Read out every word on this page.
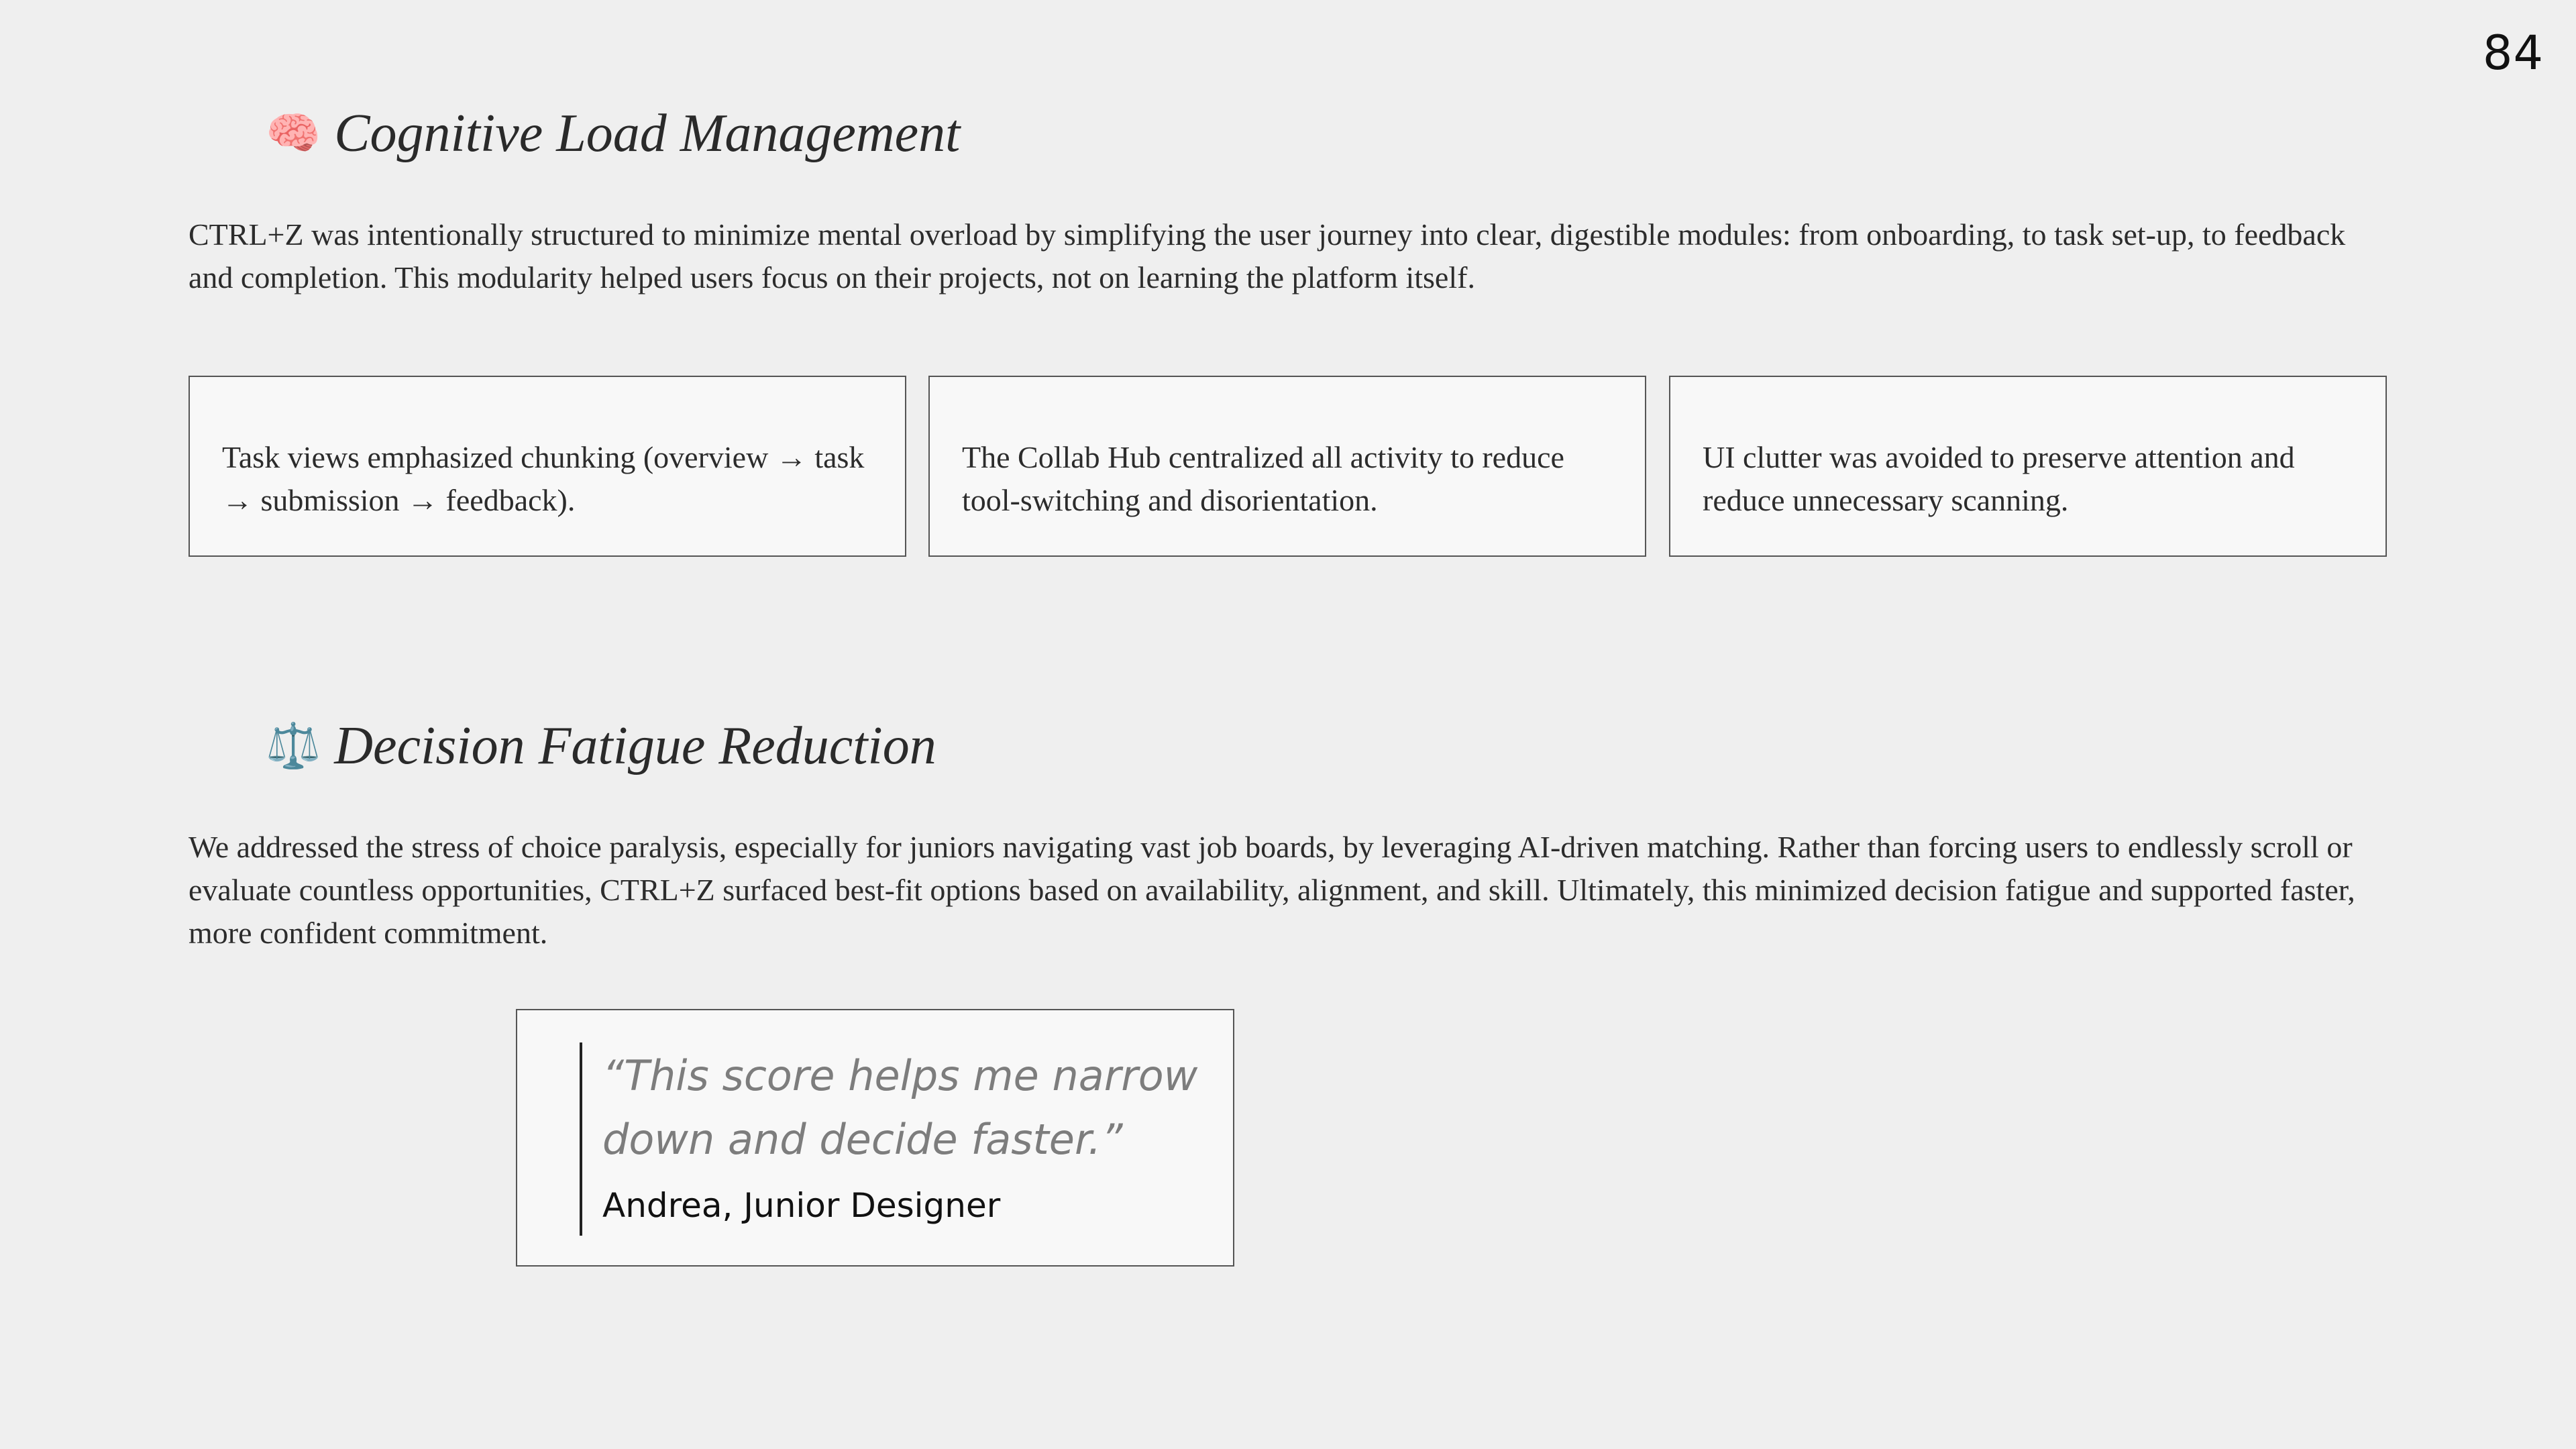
84
🧠 Cognitive Load Management
CTRL+Z was intentionally structured to minimize mental overload by simplifying the user journey into clear, digestible modules: from onboarding, to task set-up, to feedback and completion. This modularity helped users focus on their projects, not on learning the platform itself.
Task views emphasized chunking (overview → task → submission → feedback).
The Collab Hub centralized all activity to reduce tool-switching and disorientation.
UI clutter was avoided to preserve attention and reduce unnecessary scanning.
⚖️ Decision Fatigue Reduction
We addressed the stress of choice paralysis, especially for juniors navigating vast job boards, by leveraging AI-driven matching. Rather than forcing users to endlessly scroll or evaluate countless opportunities, CTRL+Z surfaced best-fit options based on availability, alignment, and skill. Ultimately, this minimized decision fatigue and supported faster, more confident commitment.
“This score helps me narrow down and decide faster.”
Andrea, Junior Designer
